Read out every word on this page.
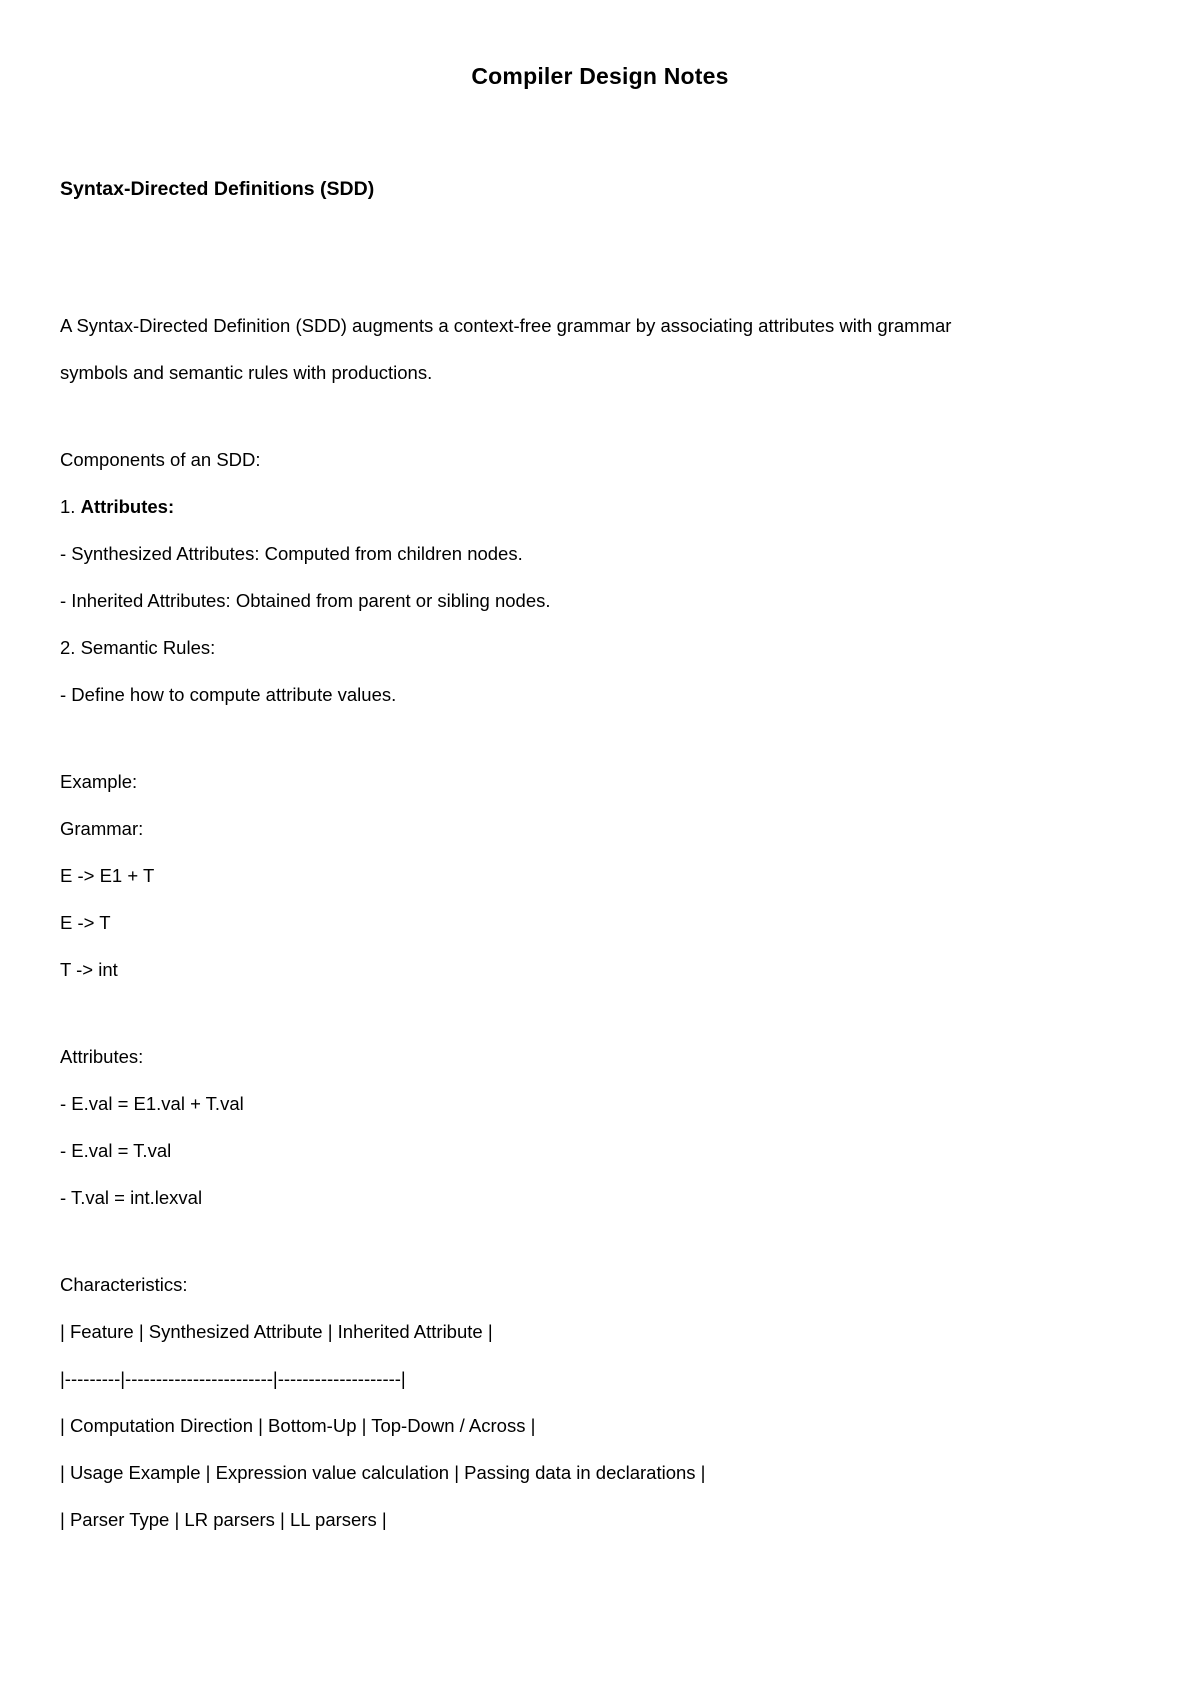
Compiler Design Notes
Syntax-Directed Definitions (SDD)
A Syntax-Directed Definition (SDD) augments a context-free grammar by associating attributes with grammar
symbols and semantic rules with productions.
Components of an SDD:
1. Attributes:
- Synthesized Attributes: Computed from children nodes.
- Inherited Attributes: Obtained from parent or sibling nodes.
2. Semantic Rules:
- Define how to compute attribute values.
Example:
Grammar:
E -> E1 + T
E -> T
T -> int
Attributes:
- E.val = E1.val + T.val
- E.val = T.val
- T.val = int.lexval
Characteristics:
| Feature | Synthesized Attribute | Inherited Attribute |
|---------|------------------------|--------------------|
| Computation Direction | Bottom-Up | Top-Down / Across |
| Usage Example | Expression value calculation | Passing data in declarations |
| Parser Type | LR parsers | LL parsers |
